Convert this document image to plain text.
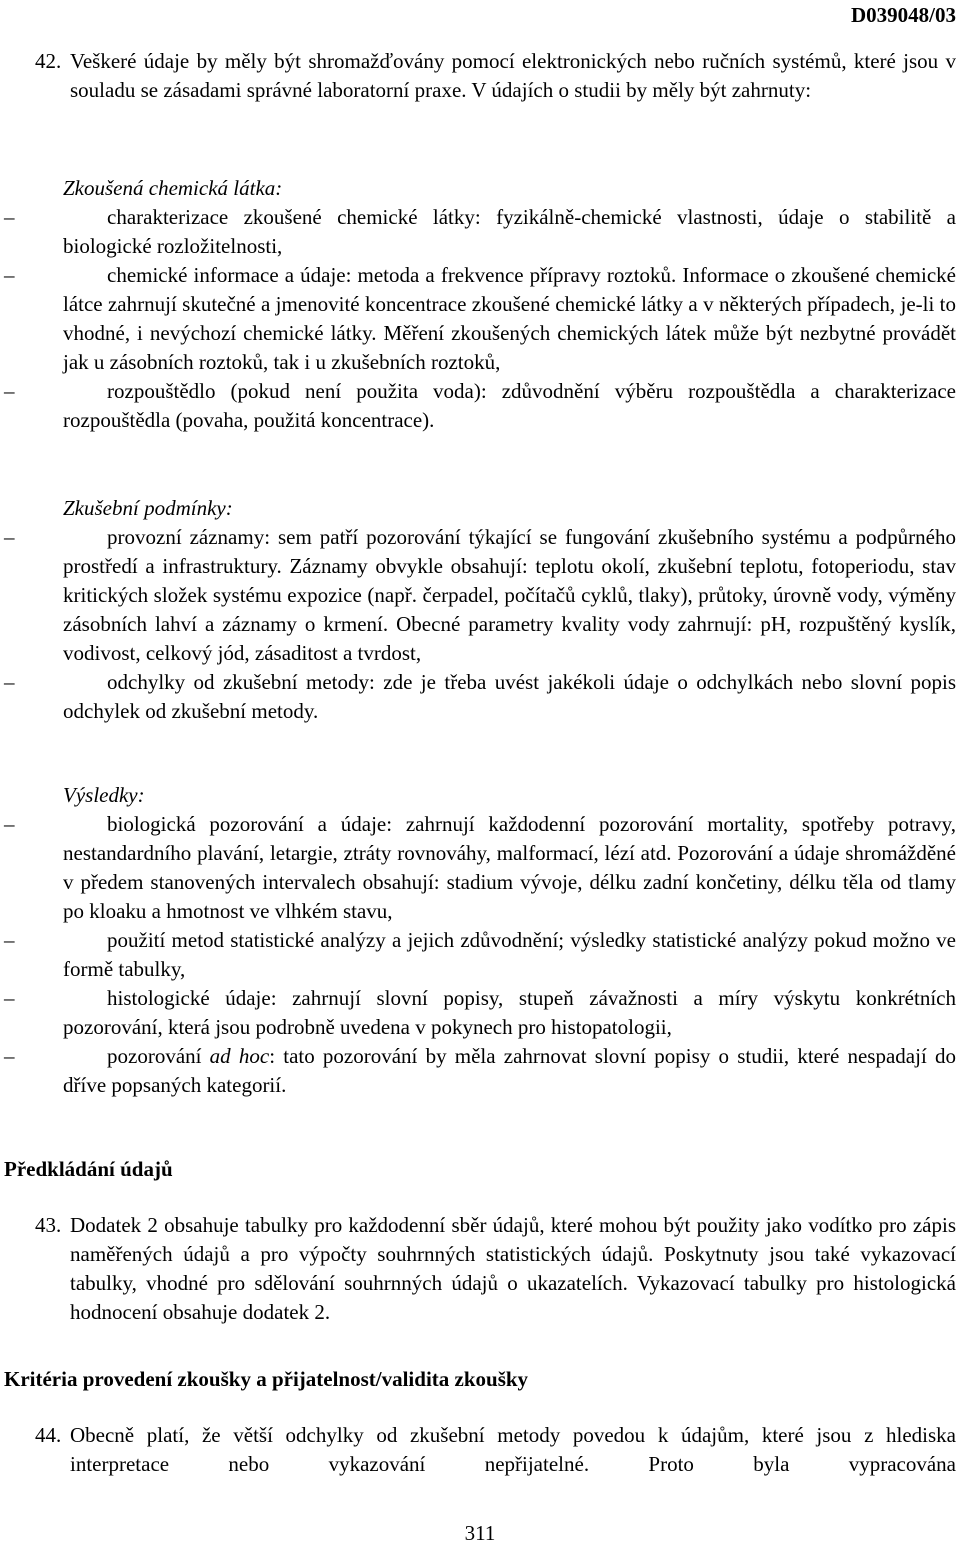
D039048/03

42. Veškeré údaje by měly být shromažďovány pomocí elektronických nebo ručních systémů, které jsou v souladu se zásadami správné laboratorní praxe. V údajích o studii by měly být zahrnuty:

Zkoušená chemická látka:

–	charakterizace zkoušené chemické látky: fyzikálně-chemické vlastnosti, údaje o stabilitě a biologické rozložitelnosti,

–	chemické informace a údaje: metoda a frekvence přípravy roztoků. Informace o zkoušené chemické látce zahrnují skutečné a jmenovité koncentrace zkoušené chemické látky a v některých případech, je-li to vhodné, i nevýchozí chemické látky. Měření zkoušených chemických látek může být nezbytné provádět jak u zásobních roztoků, tak i u zkušebních roztoků,

–	rozpouštědlo (pokud není použita voda): zdůvodnění výběru rozpouštědla a charakterizace rozpouštědla (povaha, použitá koncentrace).

Zkušební podmínky:

–	provozní záznamy: sem patří pozorování týkající se fungování zkušebního systému a podpůrného prostředí a infrastruktury. Záznamy obvykle obsahují: teplotu okolí, zkušební teplotu, fotoperiodu, stav kritických složek systému expozice (např. čerpadel, počítačů cyklů, tlaky), průtoky, úrovně vody, výměny zásobních lahví a záznamy o krmení. Obecné parametry kvality vody zahrnují: pH, rozpuštěný kyslík, vodivost, celkový jód, zásaditost a tvrdost,

–	odchylky od zkušební metody: zde je třeba uvést jakékoli údaje o odchylkách nebo slovní popis odchylek od zkušební metody.

Výsledky:

–	biologická pozorování a údaje: zahrnují každodenní pozorování mortality, spotřeby potravy, nestandardního plavání, letargie, ztráty rovnováhy, malformací, lézí atd. Pozorování a údaje shromážděné v předem stanovených intervalech obsahují: stadium vývoje, délku zadní končetiny, délku těla od tlamy po kloaku a hmotnost ve vlhkém stavu,

–	použití metod statistické analýzy a jejich zdůvodnění; výsledky statistické analýzy pokud možno ve formě tabulky,

–	histologické údaje: zahrnují slovní popisy, stupeň závažnosti a míry výskytu konkrétních pozorování, která jsou podrobně uvedena v pokynech pro histopatologii,

–	pozorování ad hoc: tato pozorování by měla zahrnovat slovní popisy o studii, které nespadají do dříve popsaných kategorií.

Předkládání údajů

43. Dodatek 2 obsahuje tabulky pro každodenní sběr údajů, které mohou být použity jako vodítko pro zápis naměřených údajů a pro výpočty souhrnných statistických údajů. Poskytnuty jsou také vykazovací tabulky, vhodné pro sdělování souhrnných údajů o ukazatelích. Vykazovací tabulky pro histologická hodnocení obsahuje dodatek 2.

Kritéria provedení zkoušky a přijatelnost/validita zkoušky

44. Obecně platí, že větší odchylky od zkušební metody povedou k údajům, které jsou z hlediska interpretace nebo vykazování nepřijatelné. Proto byla vypracována

311
